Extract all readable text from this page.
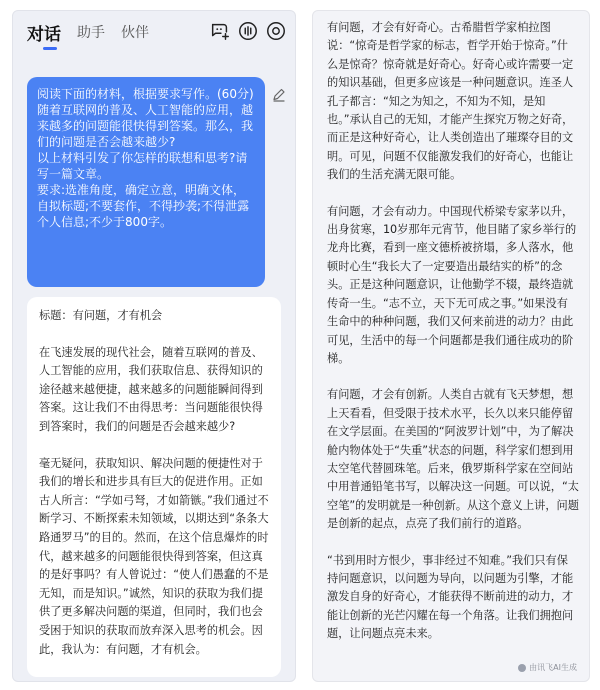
对话 助手 伙伴

阅读下面的材料，根据要求写作。(60分)

随着互联网的普及、人工智能的应用，越来越多的问题能很快得到答案。那么，我们的问题是否会越来越少?

以上材料引发了你怎样的联想和思考?请写一篇文章。

要求:选准角度，确定立意，明确文体，自拟标题;不要套作，不得抄袭;不得泄露个人信息;不少于800字。

标题：有问题，才有机会

在飞速发展的现代社会，随着互联网的普及、人工智能的应用，我们获取信息、获得知识的途径越来越便捷，越来越多的问题能瞬间得到答案。这让我们不由得思考：当问题能很快得到答案时，我们的问题是否会越来越少?

毫无疑问，获取知识、解决问题的便捷性对于我们的增长和进步具有巨大的促进作用。正如古人所言：“学如弓弩，才如箭镞。”我们通过不断学习、不断探索未知领域，以期达到“条条大路通罗马”的目的。然而，在这个信息爆炸的时代，越来越多的问题能很快得到答案，但这真的是好事吗？有人曾说过：“使人们愚蠢的不是无知，而是知识。”诚然，知识的获取为我们提供了更多解决问题的渠道，但同时，我们也会受困于知识的获取而放弃深入思考的机会。因此，我认为：有问题，才有机会。

有问题，才会有好奇心。古希腊哲学家柏拉图说：“惊奇是哲学家的标志，哲学开始于惊奇。”什么是惊奇？惊奇就是好奇心。好奇心或许需要一定的知识基础，但更多应该是一种问题意识。连圣人孔子都言：“知之为知之，不知为不知，是知也。”承认自己的无知，才能产生探究万物之好奇，而正是这种好奇心，让人类创造出了璀璨夺目的文明。可见，问题不仅能激发我们的好奇心，也能让我们的生活充满无限可能。

有问题，才会有动力。中国现代桥梁专家茅以升，出身贫寒，10岁那年元宵节，他目睹了家乡举行的龙舟比赛，看到一座文德桥被挤塌，多人落水，他顿时心生“我长大了一定要造出最结实的桥”的念头。正是这种问题意识，让他勤学不辍，最终造就传奇一生。“志不立，天下无可成之事。”如果没有生命中的种种问题，我们又何来前进的动力？由此可见，生活中的每一个问题都是我们通往成功的阶梯。

有问题，才会有创新。人类自古就有飞天梦想，想上天看看，但受限于技术水平，长久以来只能停留在文学层面。在美国的“阿波罗计划”中，为了解决舱内物体处于“失重”状态的问题，科学家们想到用太空笔代替圆珠笔。后来，俄罗斯科学家在空间站中用普通铅笔书写，以解决这一问题。可以说，“太空笔”的发明就是一种创新。从这个意义上讲，问题是创新的起点，点亮了我们前行的道路。

“书到用时方恨少，事非经过不知难。”我们只有保持问题意识，以问题为导向，以问题为引擎，才能激发自身的好奇心，才能获得不断前进的动力，才能让创新的光芒闪耀在每一个角落。让我们拥抱问题，让问题点亮未来。

由讯飞AI生成
